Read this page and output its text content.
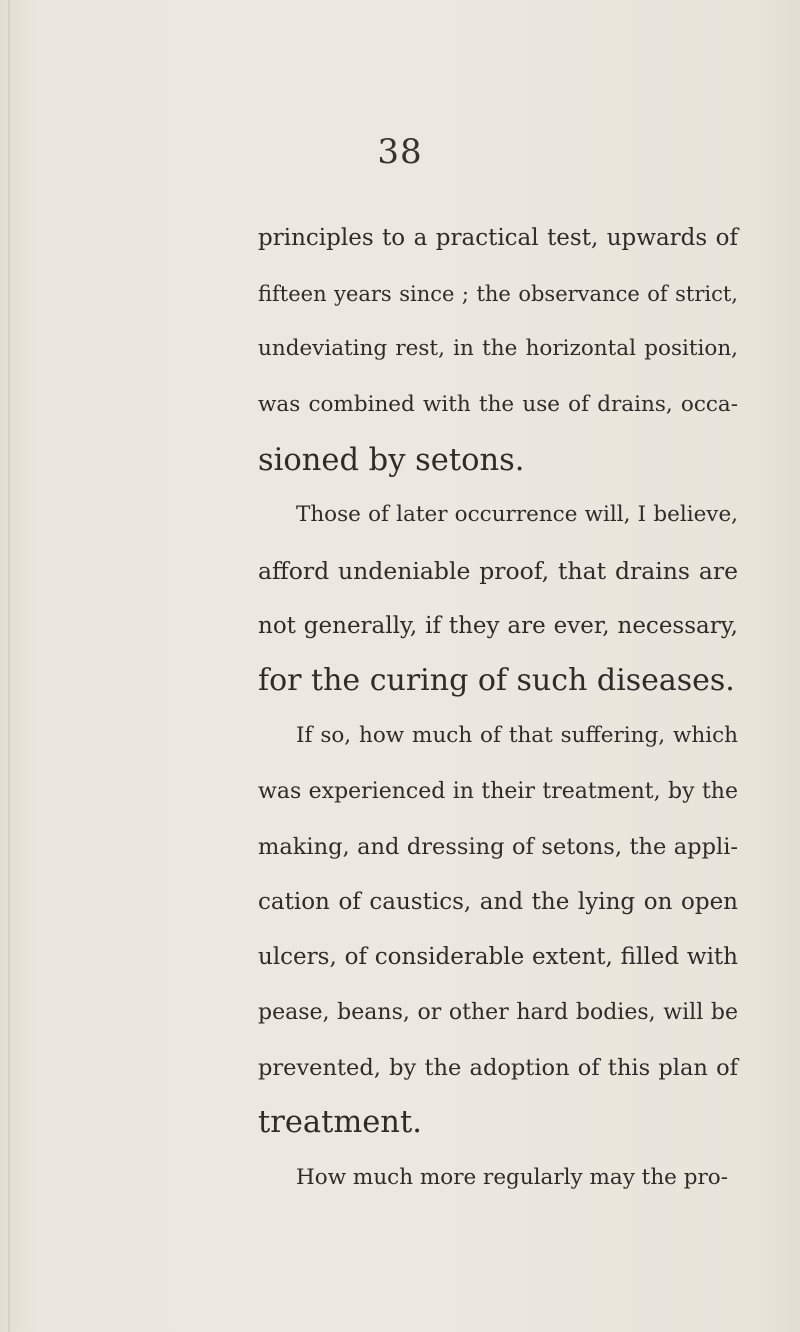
38
principles to a practical test, upwards of
fifteen years since ; the observance of strict,
undeviating rest, in the horizontal position,
was combined with the use of drains, occa-
sioned by setons.
Those of later occurrence will, I believe,
afford undeniable proof, that drains are
not generally, if they are ever, necessary,
for the curing of such diseases.
If so, how much of that suffering, which
was experienced in their treatment, by the
making, and dressing of setons, the appli-
cation of caustics, and the lying on open
ulcers, of considerable extent, filled with
pease, beans, or other hard bodies, will be
prevented, by the adoption of this plan of
treatment.
How much more regularly may the pro-
